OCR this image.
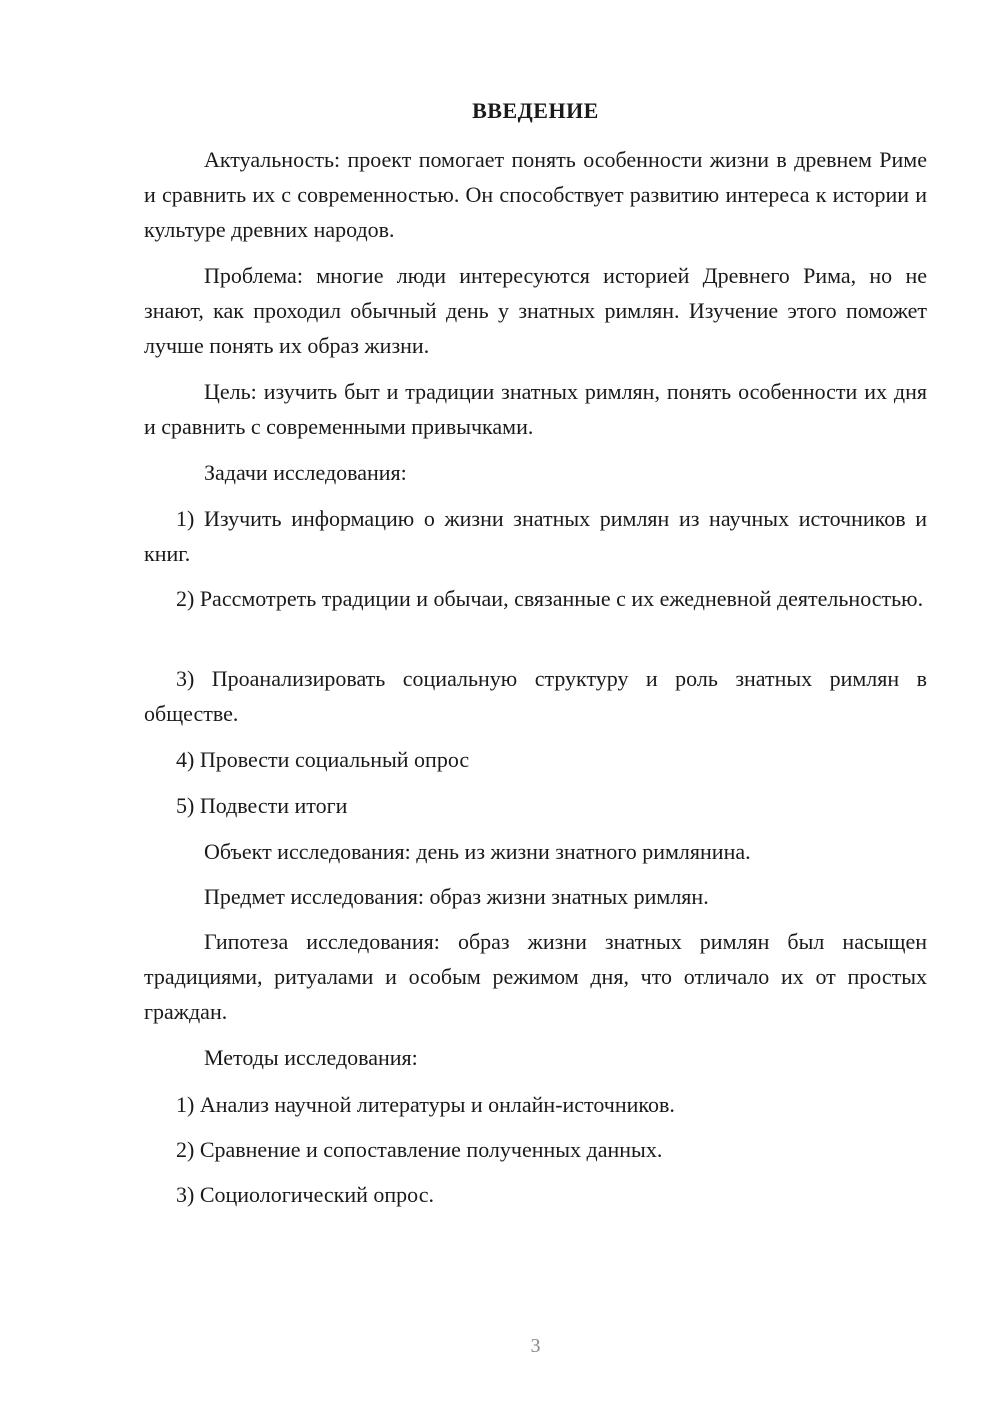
ВВЕДЕНИЕ

Актуальность: проект помогает понять особенности жизни в древнем Риме и сравнить их с современностью. Он способствует развитию интереса к истории и культуре древних народов.

Проблема: многие люди интересуются историей Древнего Рима, но не знают, как проходил обычный день у знатных римлян. Изучение этого поможет лучше понять их образ жизни.

Цель: изучить быт и традиции знатных римлян, понять особенности их дня и сравнить с современными привычками.

Задачи исследования:

1) Изучить информацию о жизни знатных римлян из научных источников и книг.

2) Рассмотреть традиции и обычаи, связанные с их ежедневной деятельностью.

3) Проанализировать социальную структуру и роль знатных римлян в обществе.

4) Провести социальный опрос

5) Подвести итоги

Объект исследования: день из жизни знатного римлянина.

Предмет исследования: образ жизни знатных римлян.

Гипотеза исследования: образ жизни знатных римлян был насыщен традициями, ритуалами и особым режимом дня, что отличало их от простых граждан.

Методы исследования:

1) Анализ научной литературы и онлайн-источников.

2) Сравнение и сопоставление полученных данных.

3) Социологический опрос.

3
